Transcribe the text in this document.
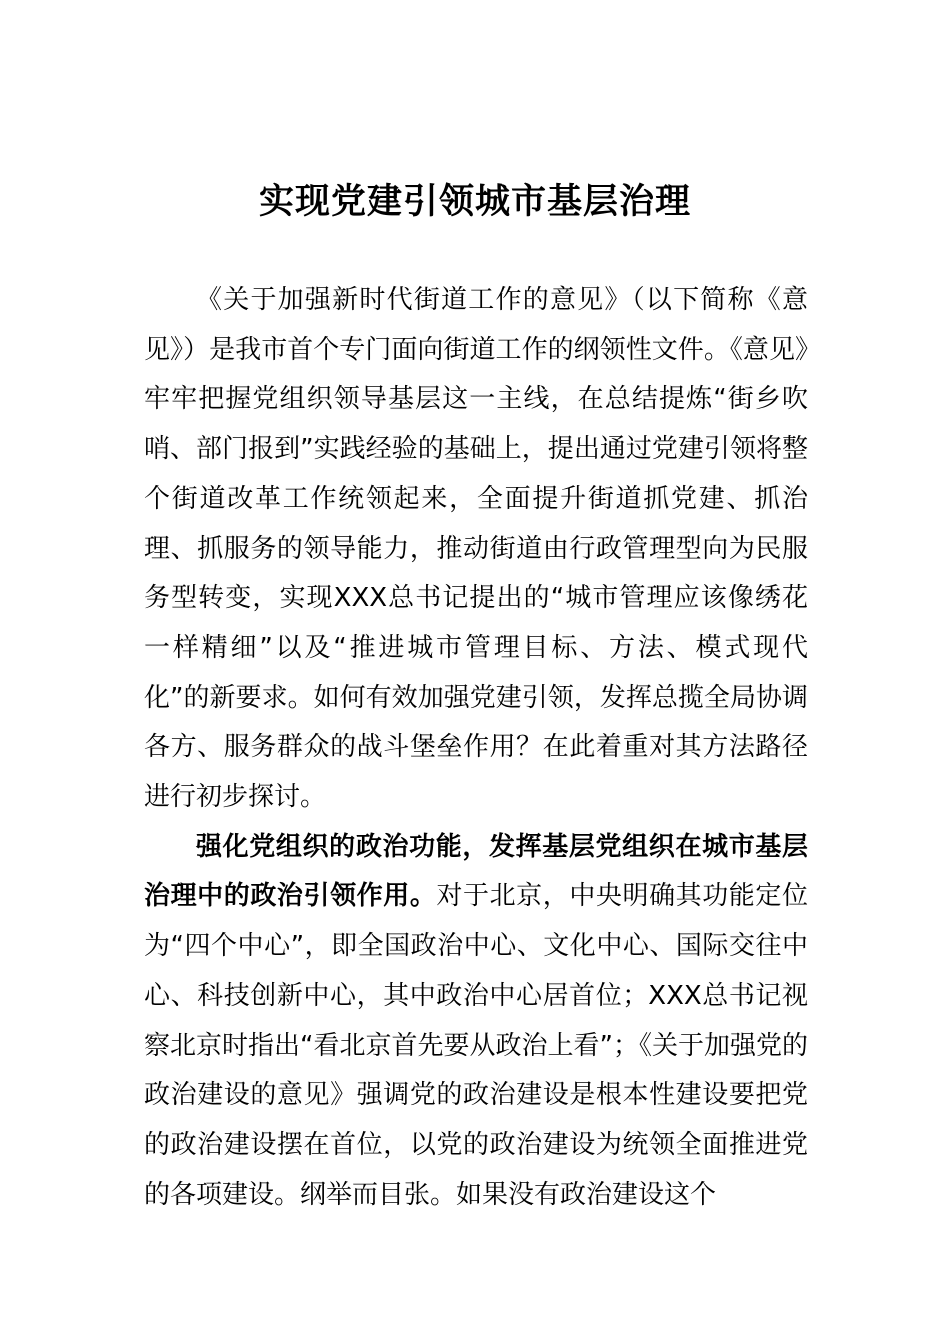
实现党建引领城市基层治理

《关于加强新时代街道工作的意见》（以下简称《意见》）是我市首个专门面向街道工作的纲领性文件。《意见》牢牢把握党组织领导基层这一主线，在总结提炼“街乡吹哨、部门报到”实践经验的基础上，提出通过党建引领将整个街道改革工作统领起来，全面提升街道抓党建、抓治理、抓服务的领导能力，推动街道由行政管理型向为民服务型转变，实现XXX总书记提出的“城市管理应该像绣花一样精细”以及“推进城市管理目标、方法、模式现代化”的新要求。如何有效加强党建引领，发挥总揽全局协调各方、服务群众的战斗堡垒作用？在此着重对其方法路径进行初步探讨。

强化党组织的政治功能，发挥基层党组织在城市基层治理中的政治引领作用。对于北京，中央明确其功能定位为“四个中心”，即全国政治中心、文化中心、国际交往中心、科技创新中心，其中政治中心居首位；XXX总书记视察北京时指出“看北京首先要从政治上看”；《关于加强党的政治建设的意见》强调党的政治建设是根本性建设要把党的政治建设摆在首位，以党的政治建设为统领全面推进党的各项建设。纲举而目张。如果没有政治建设这个
